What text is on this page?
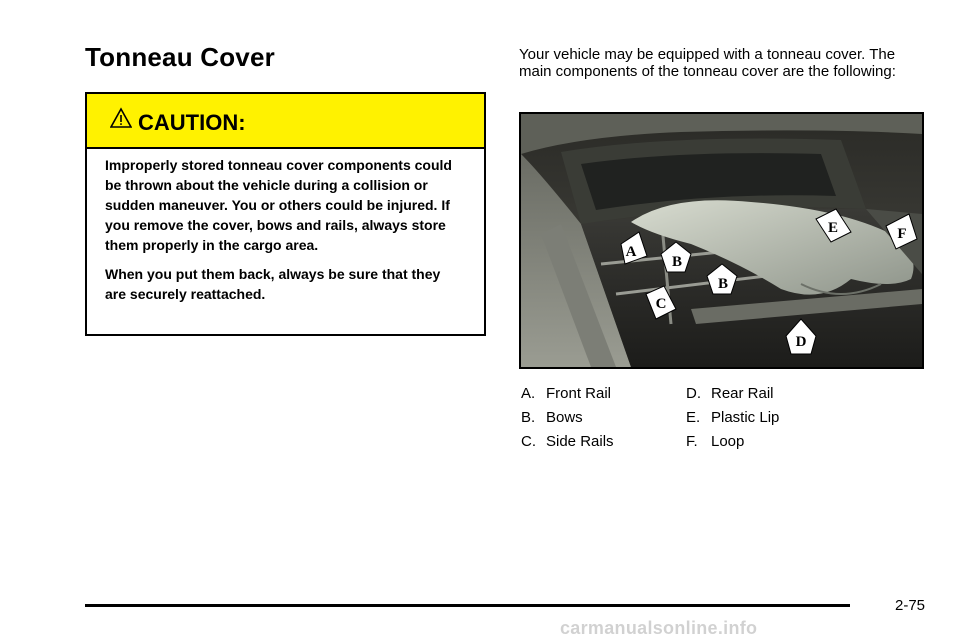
Tonneau Cover
CAUTION:

Improperly stored tonneau cover components could be thrown about the vehicle during a collision or sudden maneuver. You or others could be injured. If you remove the cover, bows and rails, always store them properly in the cargo area.

When you put them back, always be sure that they are securely reattached.

Your vehicle may be equipped with a tonneau cover. The main components of the tonneau cover are the following:

A
B
B
C
D
E	F
A. Front Rail	D. Rear Rail
B. Bows	E. Plastic Lip
C. Side Rails	F. Loop
2-75
carmanualsonline.info
